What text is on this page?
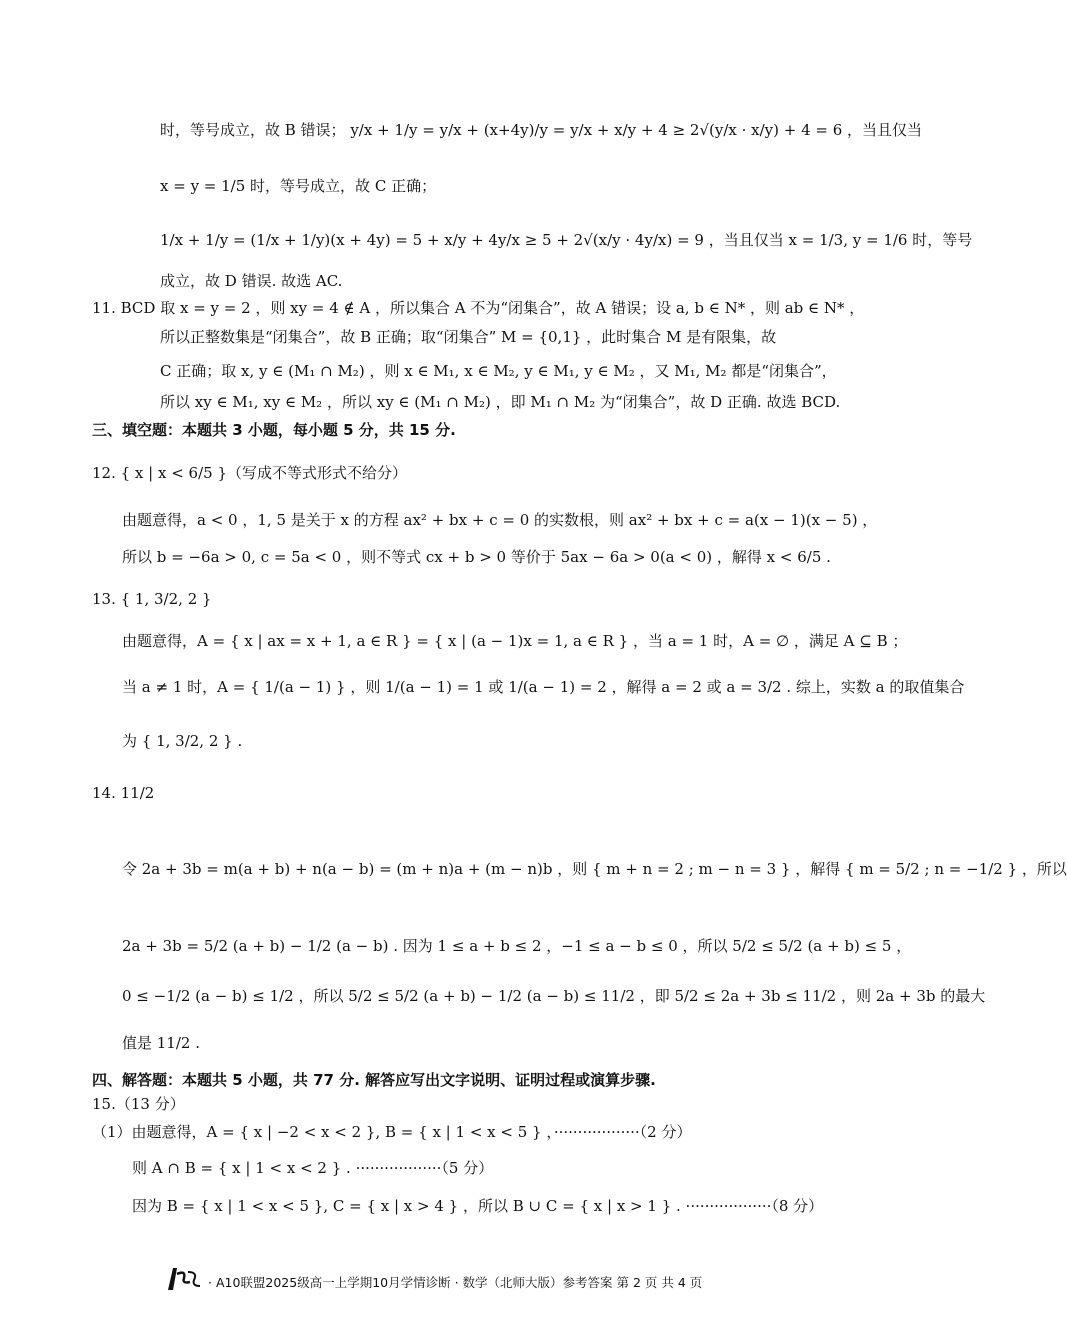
时，等号成立，故 B 错误； y/x + 1/y = y/x + (x+4y)/y = y/x + x/y + 4 ≥ 2√(y/x · x/y) + 4 = 6 ，当且仅当
x = y = 1/5 时，等号成立，故 C 正确；
1/x + 1/y = (1/x + 1/y)(x + 4y) = 5 + x/y + 4y/x ≥ 5 + 2√(x/y · 4y/x) = 9 ，当且仅当 x = 1/3, y = 1/6 时，等号
成立，故 D 错误. 故选 AC.
11. BCD 取 x = y = 2 ，则 xy = 4 ∉ A ，所以集合 A 不为“闭集合”，故 A 错误；设 a, b ∈ N* ，则 ab ∈ N* ，
所以正整数集是“闭集合”，故 B 正确；取“闭集合” M = {0,1} ，此时集合 M 是有限集，故
C 正确；取 x, y ∈ (M₁ ∩ M₂) ，则 x ∈ M₁, x ∈ M₂, y ∈ M₁, y ∈ M₂ ，又 M₁, M₂ 都是“闭集合”，
所以 xy ∈ M₁, xy ∈ M₂ ，所以 xy ∈ (M₁ ∩ M₂) ，即 M₁ ∩ M₂ 为“闭集合”，故 D 正确. 故选 BCD.
三、填空题：本题共 3 小题，每小题 5 分，共 15 分.
12. { x | x < 6/5 }（写成不等式形式不给分）
由题意得，a < 0 ，1, 5 是关于 x 的方程 ax² + bx + c = 0 的实数根，则 ax² + bx + c = a(x − 1)(x − 5) ，
所以 b = −6a > 0, c = 5a < 0 ，则不等式 cx + b > 0 等价于 5ax − 6a > 0(a < 0) ，解得 x < 6/5 .
13. { 1, 3/2, 2 }
由题意得，A = { x | ax = x + 1, a ∈ R } = { x | (a − 1)x = 1, a ∈ R } ，当 a = 1 时，A = ∅ ，满足 A ⊆ B ；
当 a ≠ 1 时，A = { 1/(a − 1) } ，则 1/(a − 1) = 1 或 1/(a − 1) = 2 ，解得 a = 2 或 a = 3/2 . 综上，实数 a 的取值集合
为 { 1, 3/2, 2 } .
14. 11/2
令 2a + 3b = m(a + b) + n(a − b) = (m + n)a + (m − n)b ，则 { m + n = 2 ; m − n = 3 } ，解得 { m = 5/2 ; n = −1/2 } ，所以
2a + 3b = 5/2 (a + b) − 1/2 (a − b) . 因为 1 ≤ a + b ≤ 2 ，−1 ≤ a − b ≤ 0 ，所以 5/2 ≤ 5/2 (a + b) ≤ 5 ，
0 ≤ −1/2 (a − b) ≤ 1/2 ，所以 5/2 ≤ 5/2 (a + b) − 1/2 (a − b) ≤ 11/2 ，即 5/2 ≤ 2a + 3b ≤ 11/2 ，则 2a + 3b 的最大
值是 11/2 .
四、解答题：本题共 5 小题，共 77 分. 解答应写出文字说明、证明过程或演算步骤.
15.（13 分）
（1）由题意得，A = { x | −2 < x < 2 }, B = { x | 1 < x < 5 } ，··················（2 分）
则 A ∩ B = { x | 1 < x < 2 } . ··················（5 分）
因为 B = { x | 1 < x < 5 }, C = { x | x > 4 } ，所以 B ∪ C = { x | x > 1 } . ··················（8 分）
· A10联盟2025级高一上学期10月学情诊断 · 数学（北师大版）参考答案 第 2 页 共 4 页
